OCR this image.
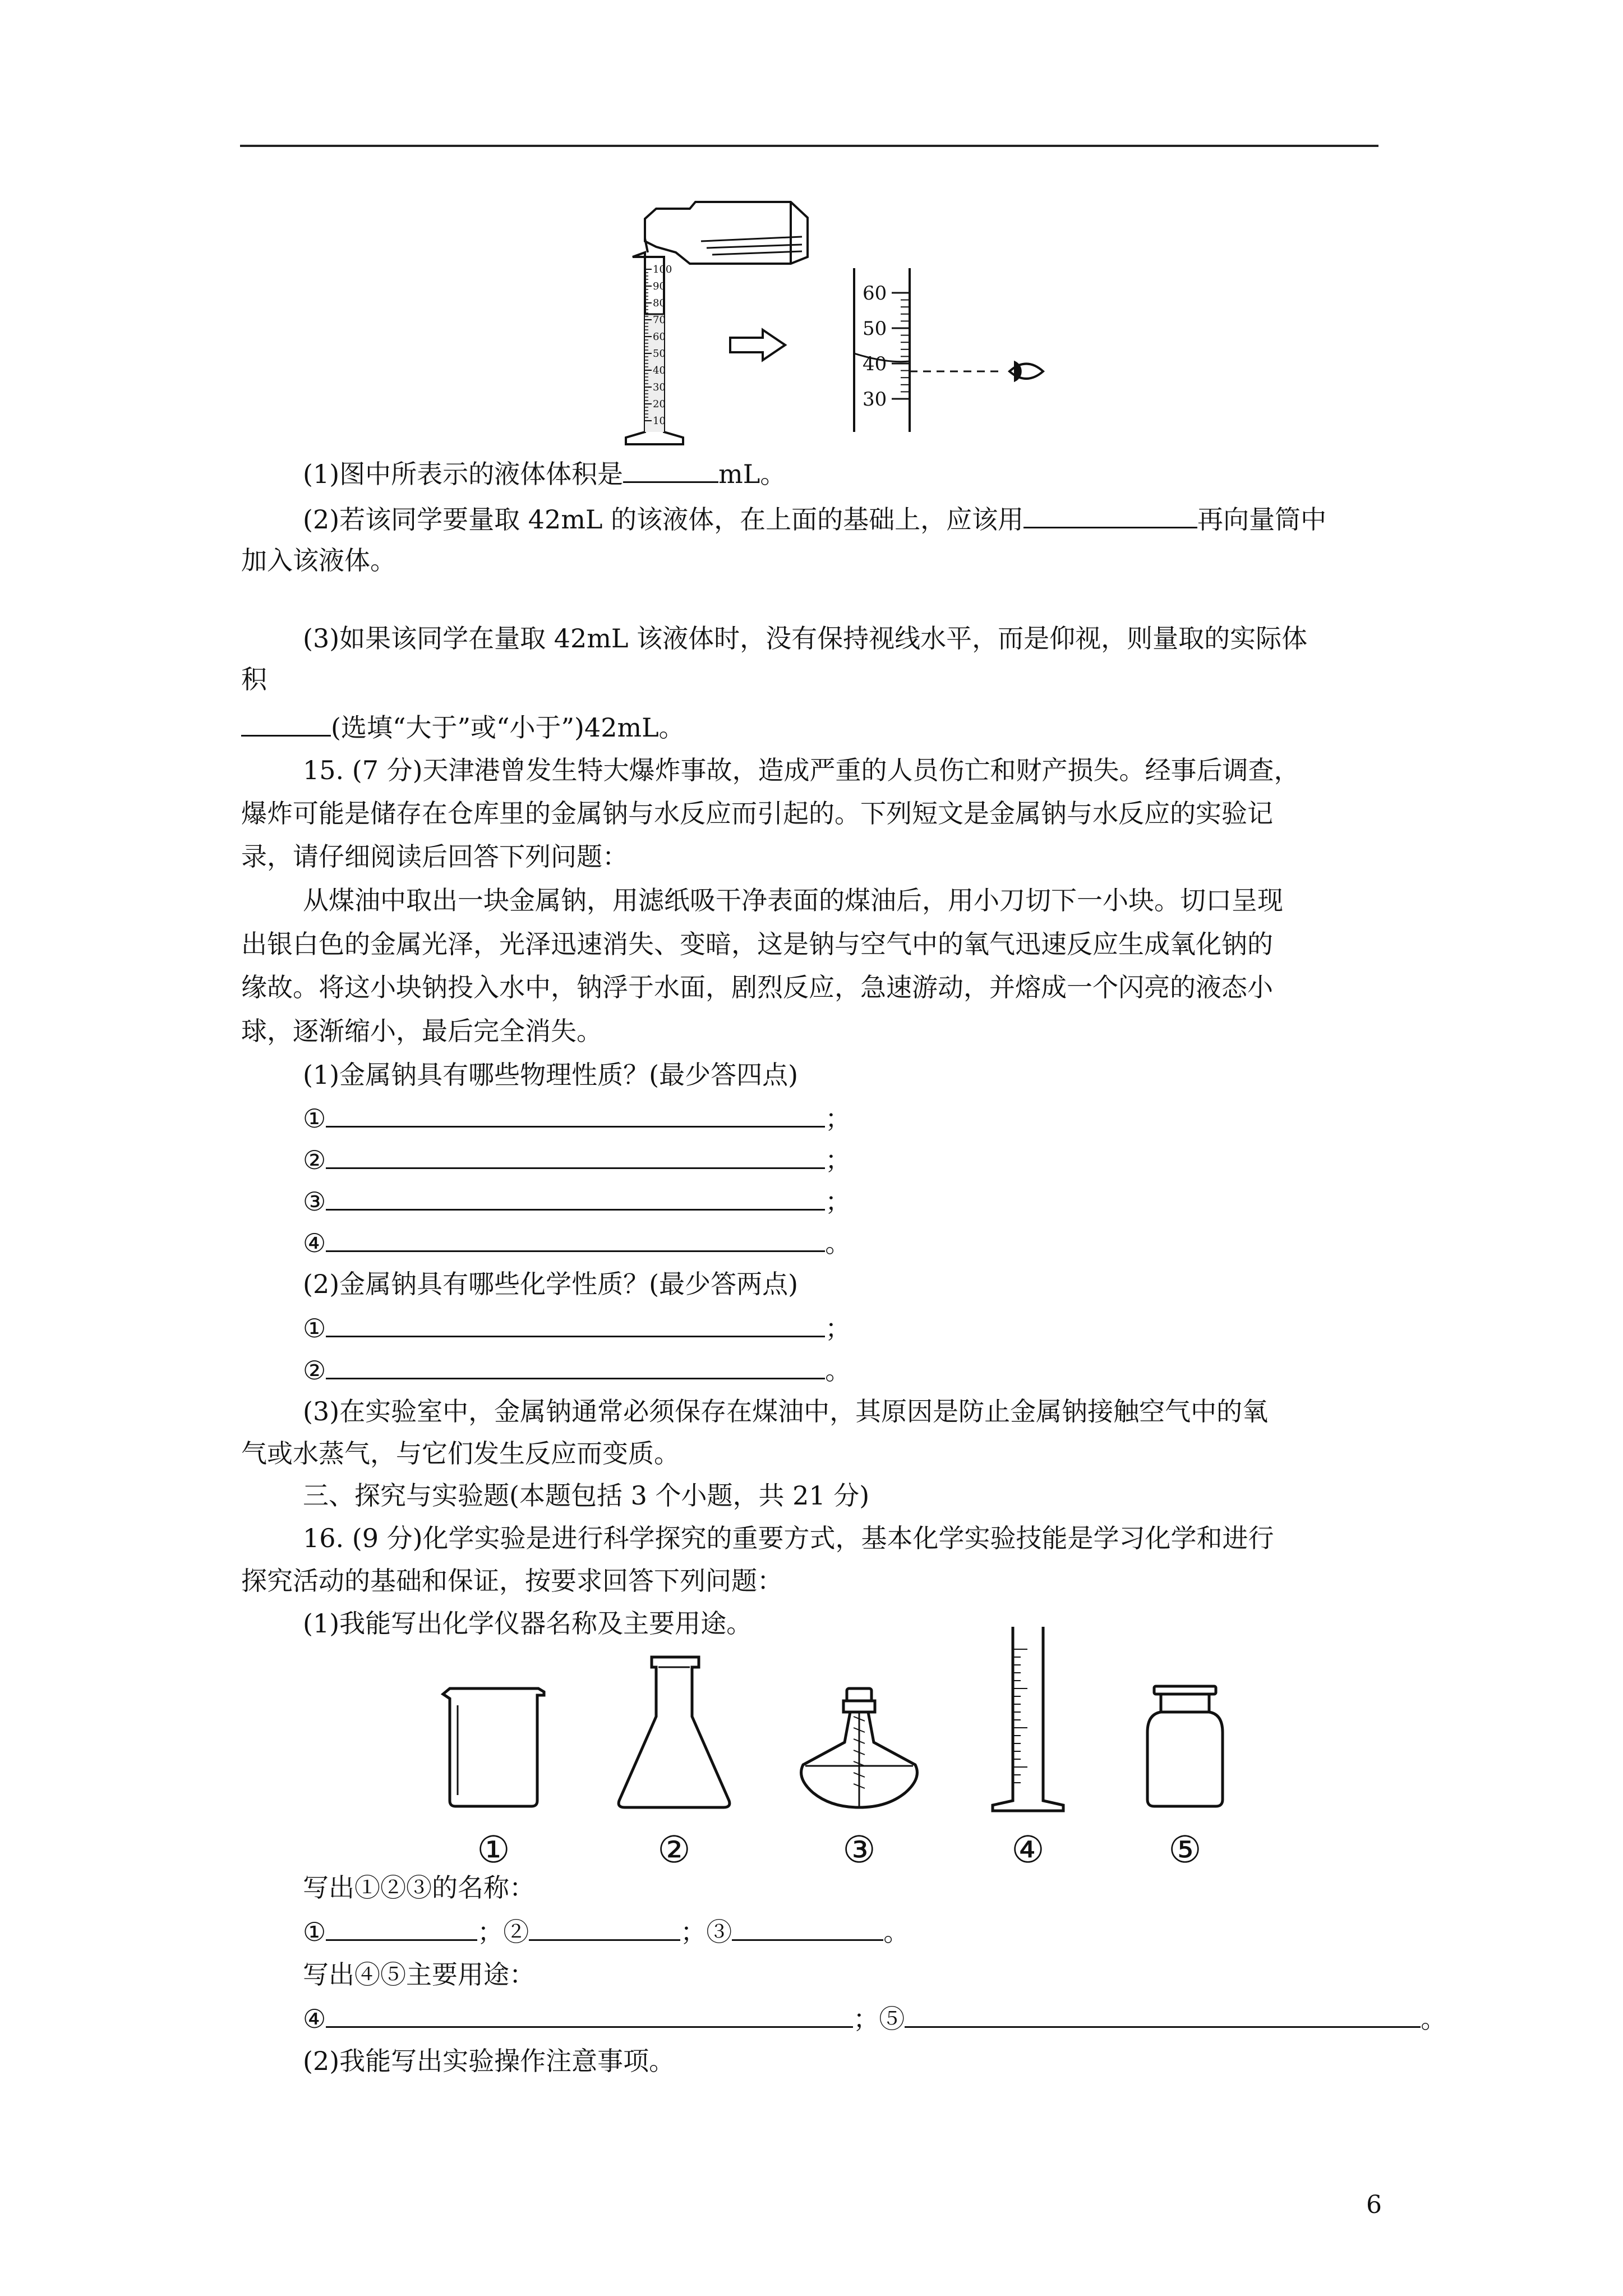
100
90
80
70
60
50
40
30
20
10
60
50
40
30
(1)图中所表示的液体体积是	mL。
(2)若该同学要量取 42mL 的该液体，在上面的基础上，应该用	再向量筒中
加入该液体。
(3)如果该同学在量取 42mL 该液体时，没有保持视线水平，而是仰视，则量取的实际体
积
(选填“大于”或“小于”)42mL。
15. (7 分)天津港曾发生特大爆炸事故，造成严重的人员伤亡和财产损失。经事后调查，
爆炸可能是储存在仓库里的金属钠与水反应而引起的。下列短文是金属钠与水反应的实验记
录，请仔细阅读后回答下列问题：
从煤油中取出一块金属钠，用滤纸吸干净表面的煤油后，用小刀切下一小块。切口呈现
出银白色的金属光泽，光泽迅速消失、变暗，这是钠与空气中的氧气迅速反应生成氧化钠的
缘故。将这小块钠投入水中，钠浮于水面，剧烈反应，急速游动，并熔成一个闪亮的液态小
球，逐渐缩小，最后完全消失。
(1)金属钠具有哪些物理性质？(最少答四点)
①	；
②	；
③	；
④	。
(2)金属钠具有哪些化学性质？(最少答两点)
①	；
②	。
(3)在实验室中，金属钠通常必须保存在煤油中，其原因是防止金属钠接触空气中的氧
气或水蒸气，与它们发生反应而变质。
三、探究与实验题(本题包括 3 个小题，共 21 分)
16. (9 分)化学实验是进行科学探究的重要方式，基本化学实验技能是学习化学和进行
探究活动的基础和保证，按要求回答下列问题：
(1)我能写出化学仪器名称及主要用途。
①	②	③	④	⑤
写出①②③的名称：
①	；②	；③	。
写出④⑤主要用途：
④	；⑤	。
(2)我能写出实验操作注意事项。
6
